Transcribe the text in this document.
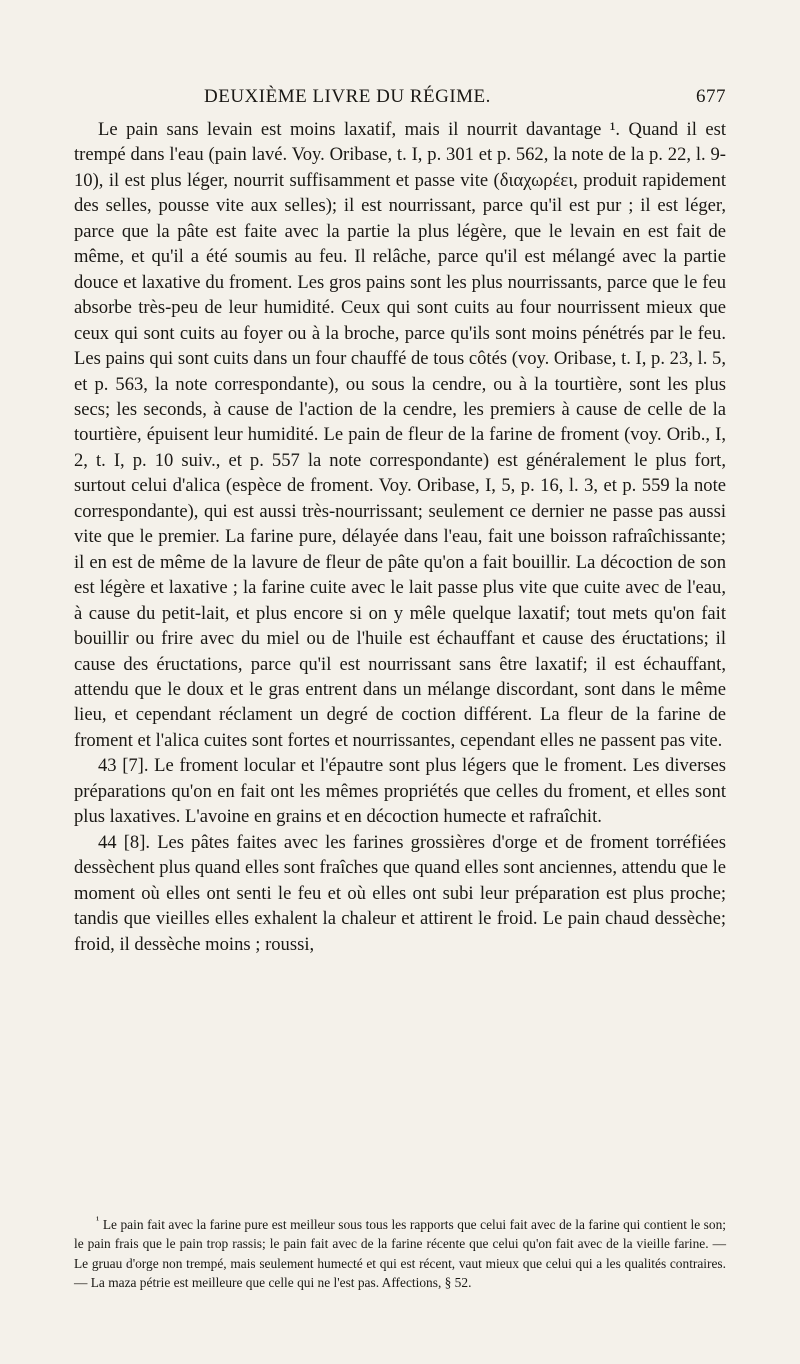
DEUXIÈME LIVRE DU RÉGIME.	677

Le pain sans levain est moins laxatif, mais il nourrit davantage ¹. Quand il est trempé dans l'eau (pain lavé. Voy. Oribase, t. I, p. 301 et p. 562, la note de la p. 22, l. 9-10), il est plus léger, nourrit suffisamment et passe vite (διαχωρέει, produit rapidement des selles, pousse vite aux selles); il est nourrissant, parce qu'il est pur ; il est léger, parce que la pâte est faite avec la partie la plus légère, que le levain en est fait de même, et qu'il a été soumis au feu. Il relâche, parce qu'il est mélangé avec la partie douce et laxative du froment. Les gros pains sont les plus nourrissants, parce que le feu absorbe très-peu de leur humidité. Ceux qui sont cuits au four nourrissent mieux que ceux qui sont cuits au foyer ou à la broche, parce qu'ils sont moins pénétrés par le feu. Les pains qui sont cuits dans un four chauffé de tous côtés (voy. Oribase, t. I, p. 23, l. 5, et p. 563, la note correspondante), ou sous la cendre, ou à la tourtière, sont les plus secs; les seconds, à cause de l'action de la cendre, les premiers à cause de celle de la tourtière, épuisent leur humidité. Le pain de fleur de la farine de froment (voy. Orib., I, 2, t. I, p. 10 suiv., et p. 557 la note correspondante) est généralement le plus fort, surtout celui d'alica (espèce de froment. Voy. Oribase, I, 5, p. 16, l. 3, et p. 559 la note correspondante), qui est aussi très-nourrissant; seulement ce dernier ne passe pas aussi vite que le premier. La farine pure, délayée dans l'eau, fait une boisson rafraîchissante; il en est de même de la lavure de fleur de pâte qu'on a fait bouillir. La décoction de son est légère et laxative ; la farine cuite avec le lait passe plus vite que cuite avec de l'eau, à cause du petit-lait, et plus encore si on y mêle quelque laxatif; tout mets qu'on fait bouillir ou frire avec du miel ou de l'huile est échauffant et cause des éructations; il cause des éructations, parce qu'il est nourrissant sans être laxatif; il est échauffant, attendu que le doux et le gras entrent dans un mélange discordant, sont dans le même lieu, et cependant réclament un degré de coction différent. La fleur de la farine de froment et l'alica cuites sont fortes et nourrissantes, cependant elles ne passent pas vite.

43 [7]. Le froment locular et l'épautre sont plus légers que le froment. Les diverses préparations qu'on en fait ont les mêmes propriétés que celles du froment, et elles sont plus laxatives. L'avoine en grains et en décoction humecte et rafraîchit.

44 [8]. Les pâtes faites avec les farines grossières d'orge et de froment torréfiées dessèchent plus quand elles sont fraîches que quand elles sont anciennes, attendu que le moment où elles ont senti le feu et où elles ont subi leur préparation est plus proche; tandis que vieilles elles exhalent la chaleur et attirent le froid. Le pain chaud dessèche; froid, il dessèche moins ; roussi,

$^{^1}$ Le pain fait avec la farine pure est meilleur sous tous les rapports que celui fait avec de la farine qui contient le son; le pain frais que le pain trop rassis; le pain fait avec de la farine récente que celui qu'on fait avec de la vieille farine. — Le gruau d'orge non trempé, mais seulement humecté et qui est récent, vaut mieux que celui qui a les qualités contraires. — La maza pétrie est meilleure que celle qui ne l'est pas. Affections, § 52.
